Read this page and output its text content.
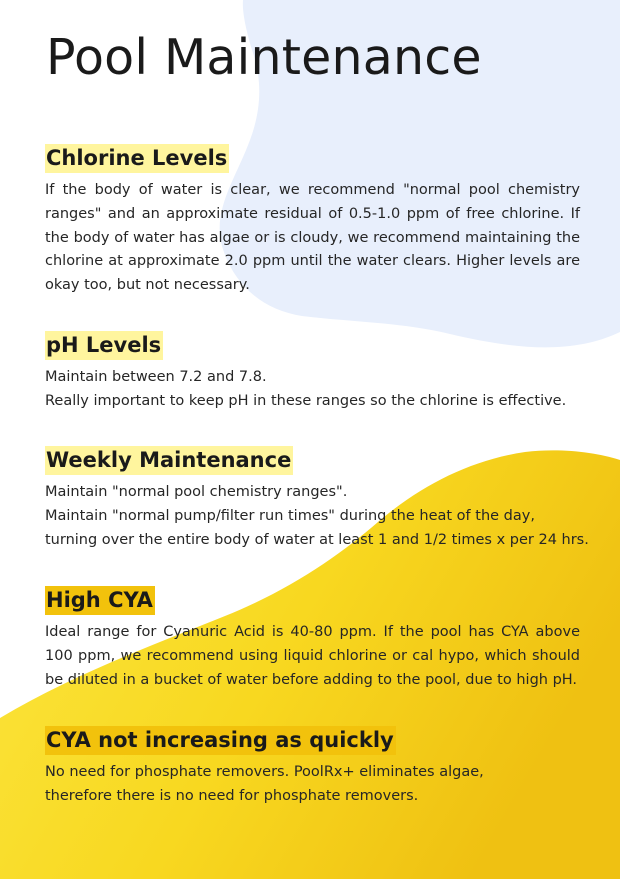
Pool Maintenance
Chlorine Levels

If the body of water is clear, we recommend "normal pool chemistry ranges" and an approximate residual of 0.5-1.0 ppm of free chlorine. If the body of water has algae or is cloudy, we recommend maintaining the chlorine at approximate 2.0 ppm until the water clears. Higher levels are okay too, but not necessary.

pH Levels

Maintain between 7.2 and 7.8.
Really important to keep pH in these ranges so the chlorine is effective.

Weekly Maintenance

Maintain "normal pool chemistry ranges".
Maintain "normal pump/filter run times" during the heat of the day,
turning over the entire body of water at least 1 and 1/2 times x per 24 hrs.

High CYA

Ideal range for Cyanuric Acid is 40-80 ppm. If the pool has CYA above 100 ppm, we recommend using liquid chlorine or cal hypo, which should be diluted in a bucket of water before adding to the pool, due to high pH.

CYA not increasing as quickly

No need for phosphate removers. PoolRx+ eliminates algae,
therefore there is no need for phosphate removers.
